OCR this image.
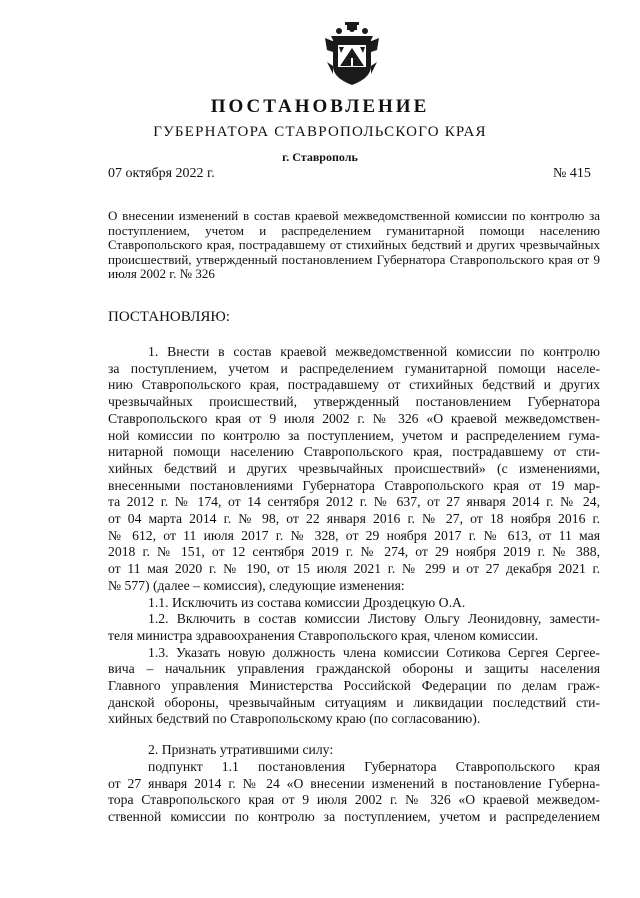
ПОСТАНОВЛЕНИЕ
ГУБЕРНАТОРА СТАВРОПОЛЬСКОГО КРАЯ
г. Ставрополь
07 октября 2022 г.	№ 415
О внесении изменений в состав краевой межведомственной комиссии по контролю за поступлением, учетом и распределением гуманитарной помощи населению Ставропольского края, пострадавшему от стихийных бедствий и других чрезвычайных происшествий, утвержденный постановлением Губернатора Ставропольского края от 9 июля 2002 г. № 326
ПОСТАНОВЛЯЮ:
1. Внести в состав краевой межведомственной комиссии по контролю
за поступлением, учетом и распределением гуманитарной помощи населе-
нию Ставропольского края, пострадавшему от стихийных бедствий и других
чрезвычайных происшествий, утвержденный постановлением Губернатора
Ставропольского края от 9 июля 2002 г. № 326 «О краевой межведомствен-
ной комиссии по контролю за поступлением, учетом и распределением гума-
нитарной помощи населению Ставропольского края, пострадавшему от сти-
хийных бедствий и других чрезвычайных происшествий» (с изменениями,
внесенными постановлениями Губернатора Ставропольского края от 19 мар-
та 2012 г. № 174, от 14 сентября 2012 г. № 637, от 27 января 2014 г. № 24,
от 04 марта 2014 г. № 98, от 22 января 2016 г. № 27, от 18 ноября 2016 г.
№ 612, от 11 июля 2017 г. № 328, от 29 ноября 2017 г. № 613, от 11 мая
2018 г. № 151, от 12 сентября 2019 г. № 274, от 29 ноября 2019 г. № 388,
от 11 мая 2020 г. № 190, от 15 июля 2021 г. № 299 и от 27 декабря 2021 г.
№ 577) (далее – комиссия), следующие изменения:
1.1. Исключить из состава комиссии Дроздецкую О.А.
1.2. Включить в состав комиссии Листову Ольгу Леонидовну, замести-
теля министра здравоохранения Ставропольского края, членом комиссии.
1.3. Указать новую должность члена комиссии Сотикова Сергея Сергее-
вича – начальник управления гражданской обороны и защиты населения
Главного управления Министерства Российской Федерации по делам граж-
данской обороны, чрезвычайным ситуациям и ликвидации последствий сти-
хийных бедствий по Ставропольскому краю (по согласованию).
2. Признать утратившими силу:
подпункт 1.1 постановления Губернатора Ставропольского края
от 27 января 2014 г. № 24 «О внесении изменений в постановление Губерна-
тора Ставропольского края от 9 июля 2002 г. № 326 «О краевой межведом-
ственной комиссии по контролю за поступлением, учетом и распределением
